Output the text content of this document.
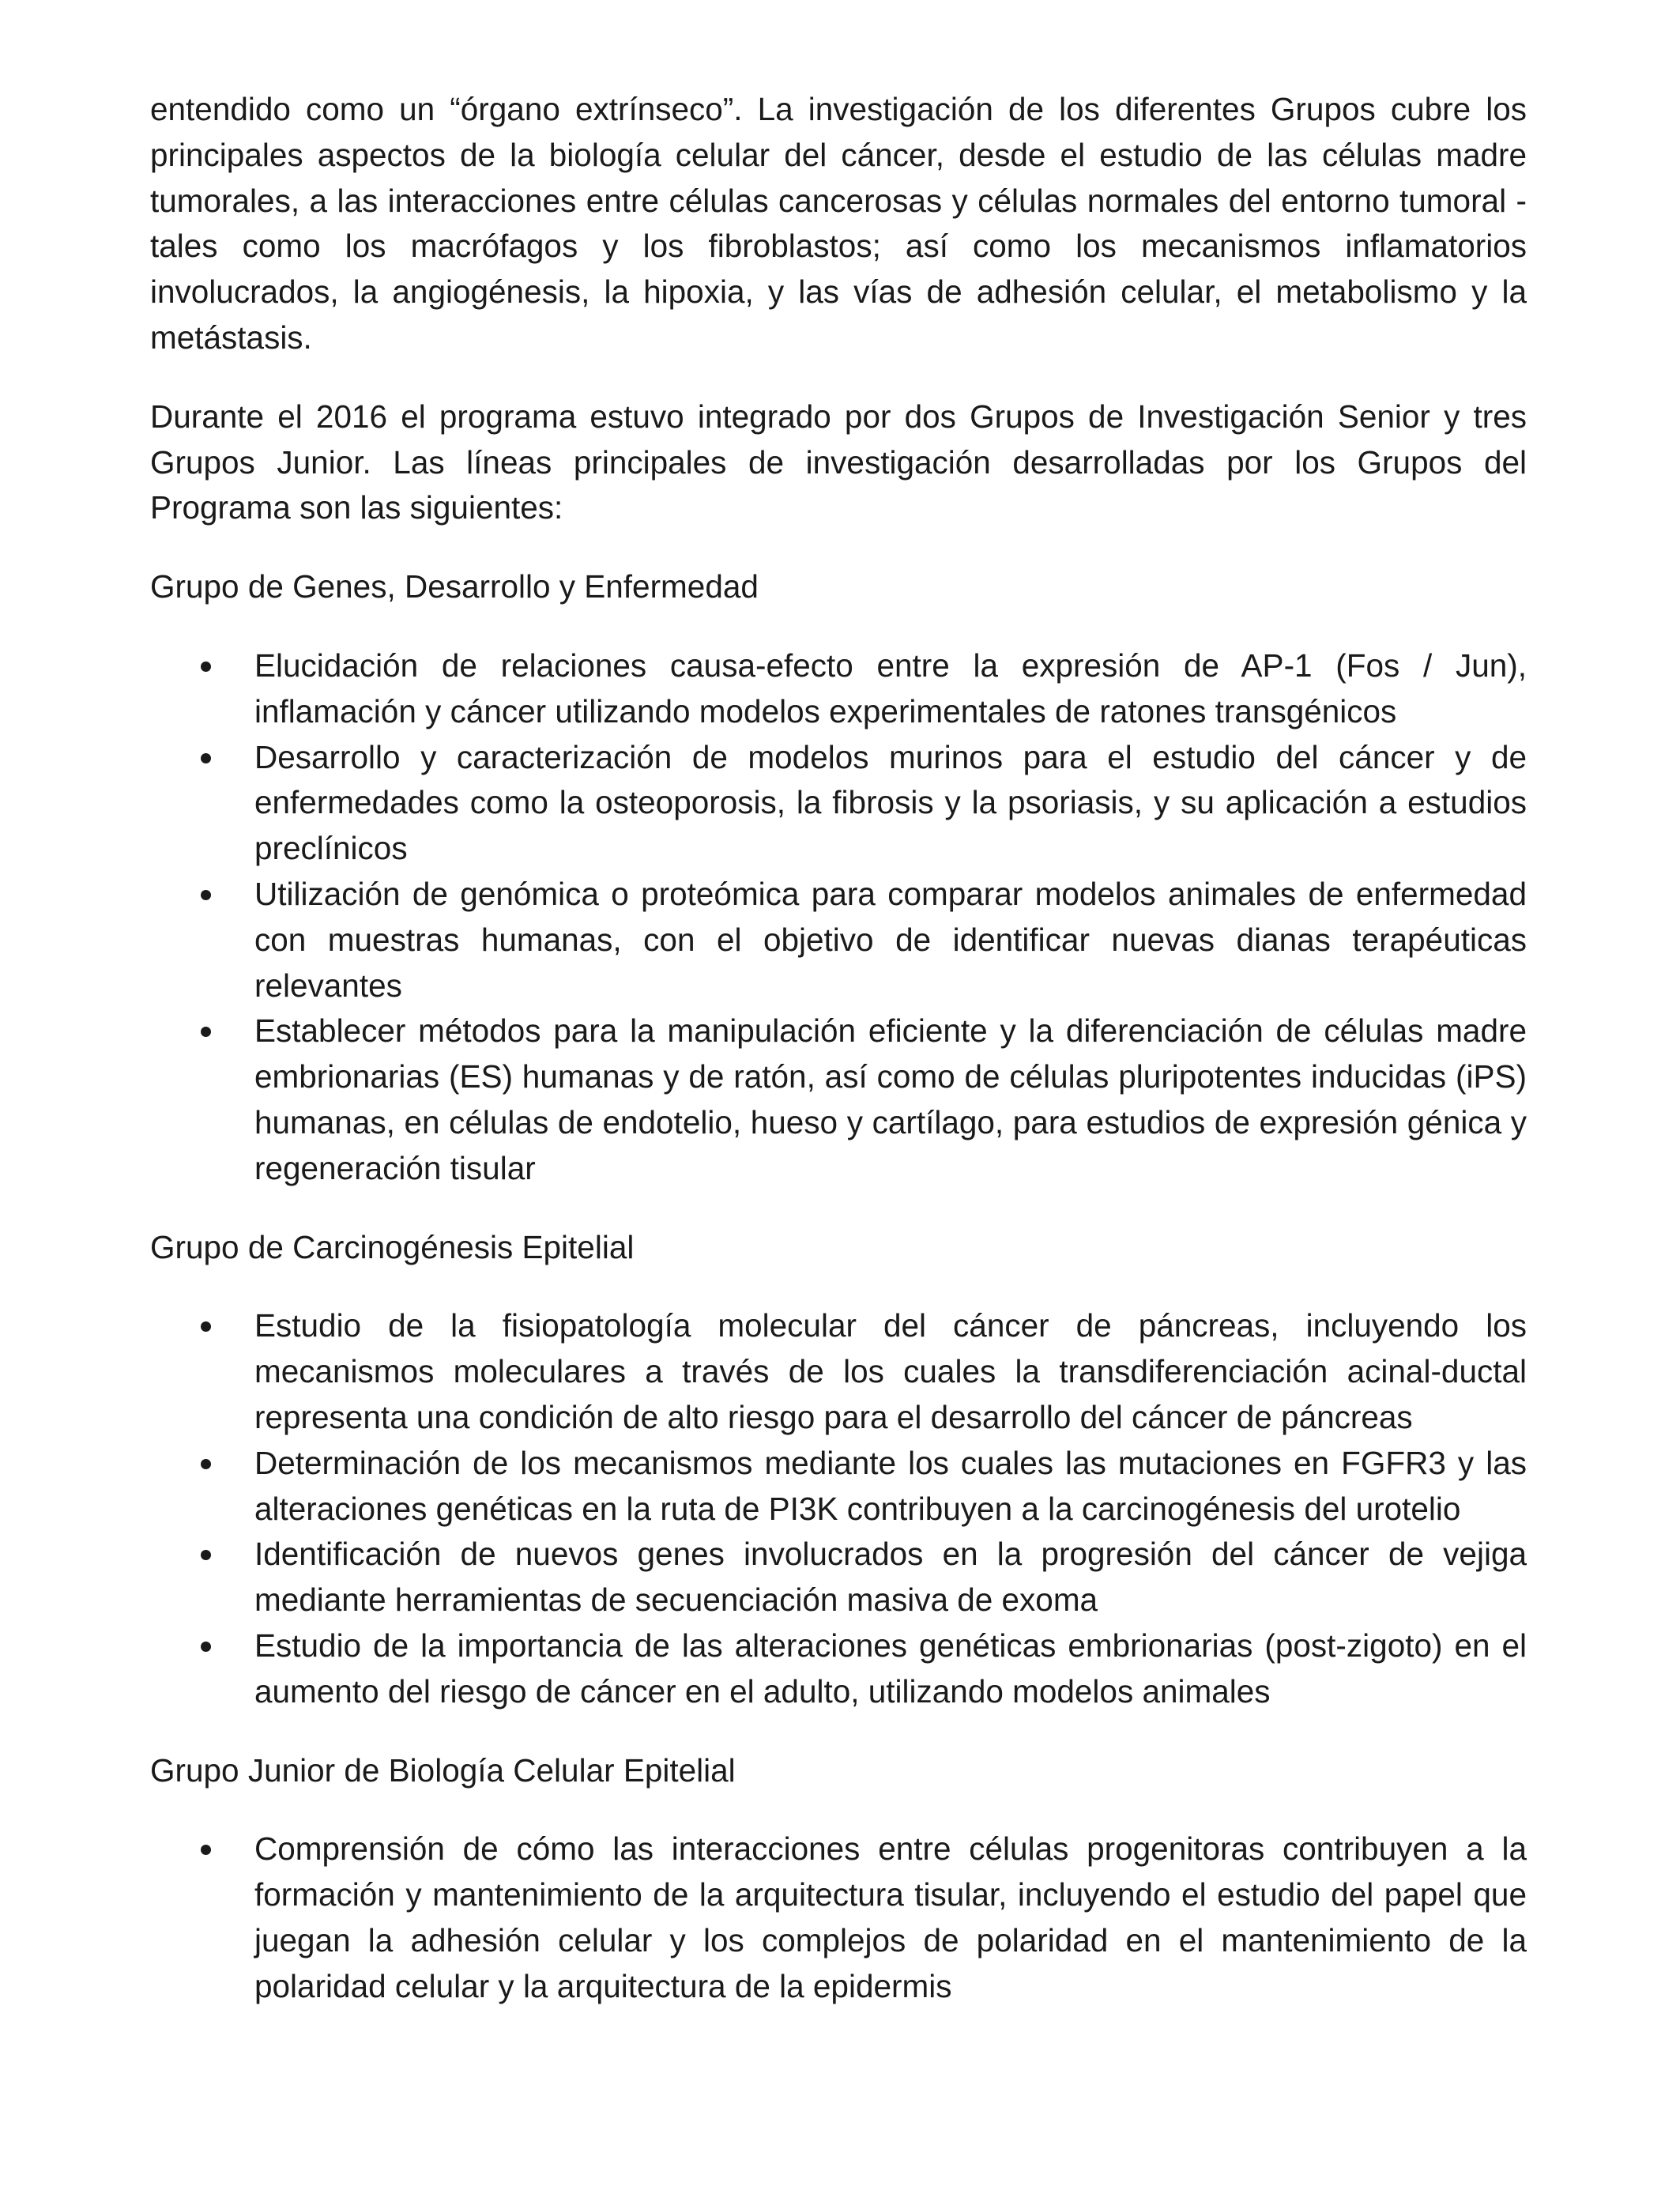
entendido como un “órgano extrínseco”. La investigación de los diferentes Grupos cubre los principales aspectos de la biología celular del cáncer, desde el estudio de las células madre tumorales, a las interacciones entre células cancerosas y células normales del entorno tumoral - tales como los macrófagos y los fibroblastos; así como los mecanismos inflamatorios involucrados, la angiogénesis, la hipoxia, y las vías de adhesión celular, el metabolismo y la metástasis.

Durante el 2016 el programa estuvo integrado por dos Grupos de Investigación Senior y tres Grupos Junior. Las líneas principales de investigación desarrolladas por los Grupos del Programa son las siguientes:

Grupo de Genes, Desarrollo y Enfermedad
Elucidación de relaciones causa-efecto entre la expresión de AP-1 (Fos / Jun), inflamación y cáncer utilizando modelos experimentales de ratones transgénicos
Desarrollo y caracterización de modelos murinos para el estudio del cáncer y de enfermedades como la osteoporosis, la fibrosis y la psoriasis, y su aplicación a estudios preclínicos
Utilización de genómica o proteómica para comparar modelos animales de enfermedad con muestras humanas, con el objetivo de identificar nuevas dianas terapéuticas relevantes
Establecer métodos para la manipulación eficiente y la diferenciación de células madre embrionarias (ES) humanas y de ratón, así como de células pluripotentes inducidas (iPS) humanas, en células de endotelio, hueso y cartílago, para estudios de expresión génica y regeneración tisular
Grupo de Carcinogénesis Epitelial
Estudio de la fisiopatología molecular del cáncer de páncreas, incluyendo los mecanismos moleculares a través de los cuales la transdiferenciación acinal-ductal representa una condición de alto riesgo para el desarrollo del cáncer de páncreas
Determinación de los mecanismos mediante los cuales las mutaciones en FGFR3 y las alteraciones genéticas en la ruta de PI3K contribuyen a la carcinogénesis del urotelio
Identificación de nuevos genes involucrados en la progresión del cáncer de vejiga mediante herramientas de secuenciación masiva de exoma
Estudio de la importancia de las alteraciones genéticas embrionarias (post-zigoto) en el aumento del riesgo de cáncer en el adulto, utilizando modelos animales
Grupo Junior de Biología Celular Epitelial
Comprensión de cómo las interacciones entre células progenitoras contribuyen a la formación y mantenimiento de la arquitectura tisular, incluyendo el estudio del papel que juegan la adhesión celular y los complejos de polaridad en el mantenimiento de la polaridad celular y la arquitectura de la epidermis
